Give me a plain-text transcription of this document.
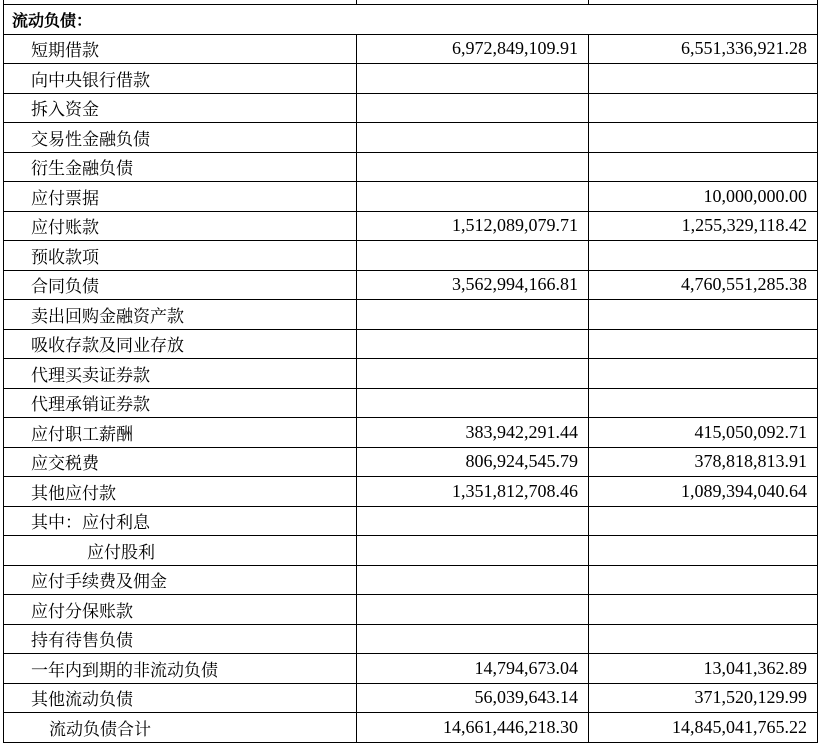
流动负债：		
短期借款	6,972,849,109.91	6,551,336,921.28
向中央银行借款		
拆入资金		
交易性金融负债		
衍生金融负债		
应付票据		10,000,000.00
应付账款	1,512,089,079.71	1,255,329,118.42
预收款项		
合同负债	3,562,994,166.81	4,760,551,285.38
卖出回购金融资产款		
吸收存款及同业存放		
代理买卖证券款		
代理承销证券款		
应付职工薪酬	383,942,291.44	415,050,092.71
应交税费	806,924,545.79	378,818,813.91
其他应付款	1,351,812,708.46	1,089,394,040.64
其中：应付利息		
应付股利		
应付手续费及佣金		
应付分保账款		
持有待售负债		
一年内到期的非流动负债	14,794,673.04	13,041,362.89
其他流动负债	56,039,643.14	371,520,129.99
流动负债合计	14,661,446,218.30	14,845,041,765.22
